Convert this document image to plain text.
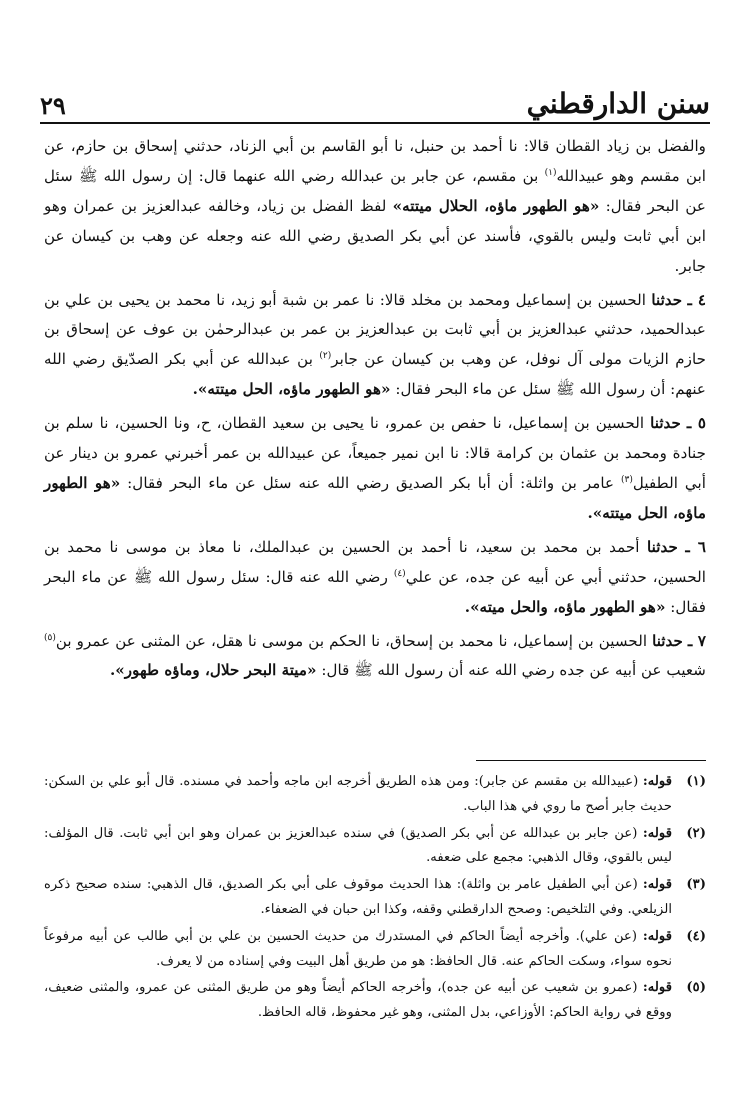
سنن الدارقطني
٢٩

والفضل بن زياد القطان قالا: نا أحمد بن حنبل، نا أبو القاسم بن أبي الزناد، حدثني إسحاق بن حازم، عن ابن مقسم وهو عبيدالله$^{(١)}$ بن مقسم، عن جابر بن عبدالله رضي الله عنهما قال: إن رسول الله ﷺ سئل عن البحر فقال: «هو الطهور ماؤه، الحلال ميتته» لفظ الفضل بن زياد، وخالفه عبدالعزيز بن عمران وهو ابن أبي ثابت وليس بالقوي، فأسند عن أبي بكر الصديق رضي الله عنه وجعله عن وهب بن كيسان عن جابر.

٤ ـ حدثنا الحسين بن إسماعيل ومحمد بن مخلد قالا: نا عمر بن شبة أبو زيد، نا محمد بن يحيى بن علي بن عبدالحميد، حدثني عبدالعزيز بن أبي ثابت بن عبدالعزيز بن عمر بن عبدالرحمٰن بن عوف عن إسحاق بن حازم الزيات مولى آل نوفل، عن وهب بن كيسان عن جابر$^{(٢)}$ بن عبدالله عن أبي بكر الصدّيق رضي الله عنهم: أن رسول الله ﷺ سئل عن ماء البحر فقال: «هو الطهور ماؤه، الحل ميتته».

٥ ـ حدثنا الحسين بن إسماعيل، نا حفص بن عمرو، نا يحيى بن سعيد القطان، ح، ونا الحسين، نا سلم بن جنادة ومحمد بن عثمان بن كرامة قالا: نا ابن نمير جميعاً، عن عبيدالله بن عمر أخبرني عمرو بن دينار عن أبي الطفيل$^{(٣)}$ عامر بن واثلة: أن أبا بكر الصديق رضي الله عنه سئل عن ماء البحر فقال: «هو الطهور ماؤه، الحل ميتته».

٦ ـ حدثنا أحمد بن محمد بن سعيد، نا أحمد بن الحسين بن عبدالملك، نا معاذ بن موسى نا محمد بن الحسين، حدثني أبي عن أبيه عن جده، عن علي$^{(٤)}$ رضي الله عنه قال: سئل رسول الله ﷺ عن ماء البحر فقال: «هو الطهور ماؤه، والحل ميته».

٧ ـ حدثنا الحسين بن إسماعيل، نا محمد بن إسحاق، نا الحكم بن موسى نا هقل، عن المثنى عن عمرو بن$^{(٥)}$ شعيب عن أبيه عن جده رضي الله عنه أن رسول الله ﷺ قال: «ميتة البحر حلال، وماؤه طهور».

(١)
قوله: (عبيدالله بن مقسم عن جابر): ومن هذه الطريق أخرجه ابن ماجه وأحمد في مسنده. قال أبو علي بن السكن: حديث جابر أصح ما روي في هذا الباب.
(٢)
قوله: (عن جابر بن عبدالله عن أبي بكر الصديق) في سنده عبدالعزيز بن عمران وهو ابن أبي ثابت. قال المؤلف: ليس بالقوي، وقال الذهبي: مجمع على ضعفه.
(٣)
قوله: (عن أبي الطفيل عامر بن واثلة): هذا الحديث موقوف على أبي بكر الصديق، قال الذهبي: سنده صحيح ذكره الزيلعي. وفي التلخيص: وصحح الدارقطني وقفه، وكذا ابن حبان في الضعفاء.
(٤)
قوله: (عن علي). وأخرجه أيضاً الحاكم في المستدرك من حديث الحسين بن علي بن أبي طالب عن أبيه مرفوعاً نحوه سواء، وسكت الحاكم عنه. قال الحافظ: هو من طريق أهل البيت وفي إسناده من لا يعرف.
(٥)
قوله: (عمرو بن شعيب عن أبيه عن جده)، وأخرجه الحاكم أيضاً وهو من طريق المثنى عن عمرو، والمثنى ضعيف، ووقع في رواية الحاكم: الأوزاعي، بدل المثنى، وهو غير محفوظ، قاله الحافظ.
